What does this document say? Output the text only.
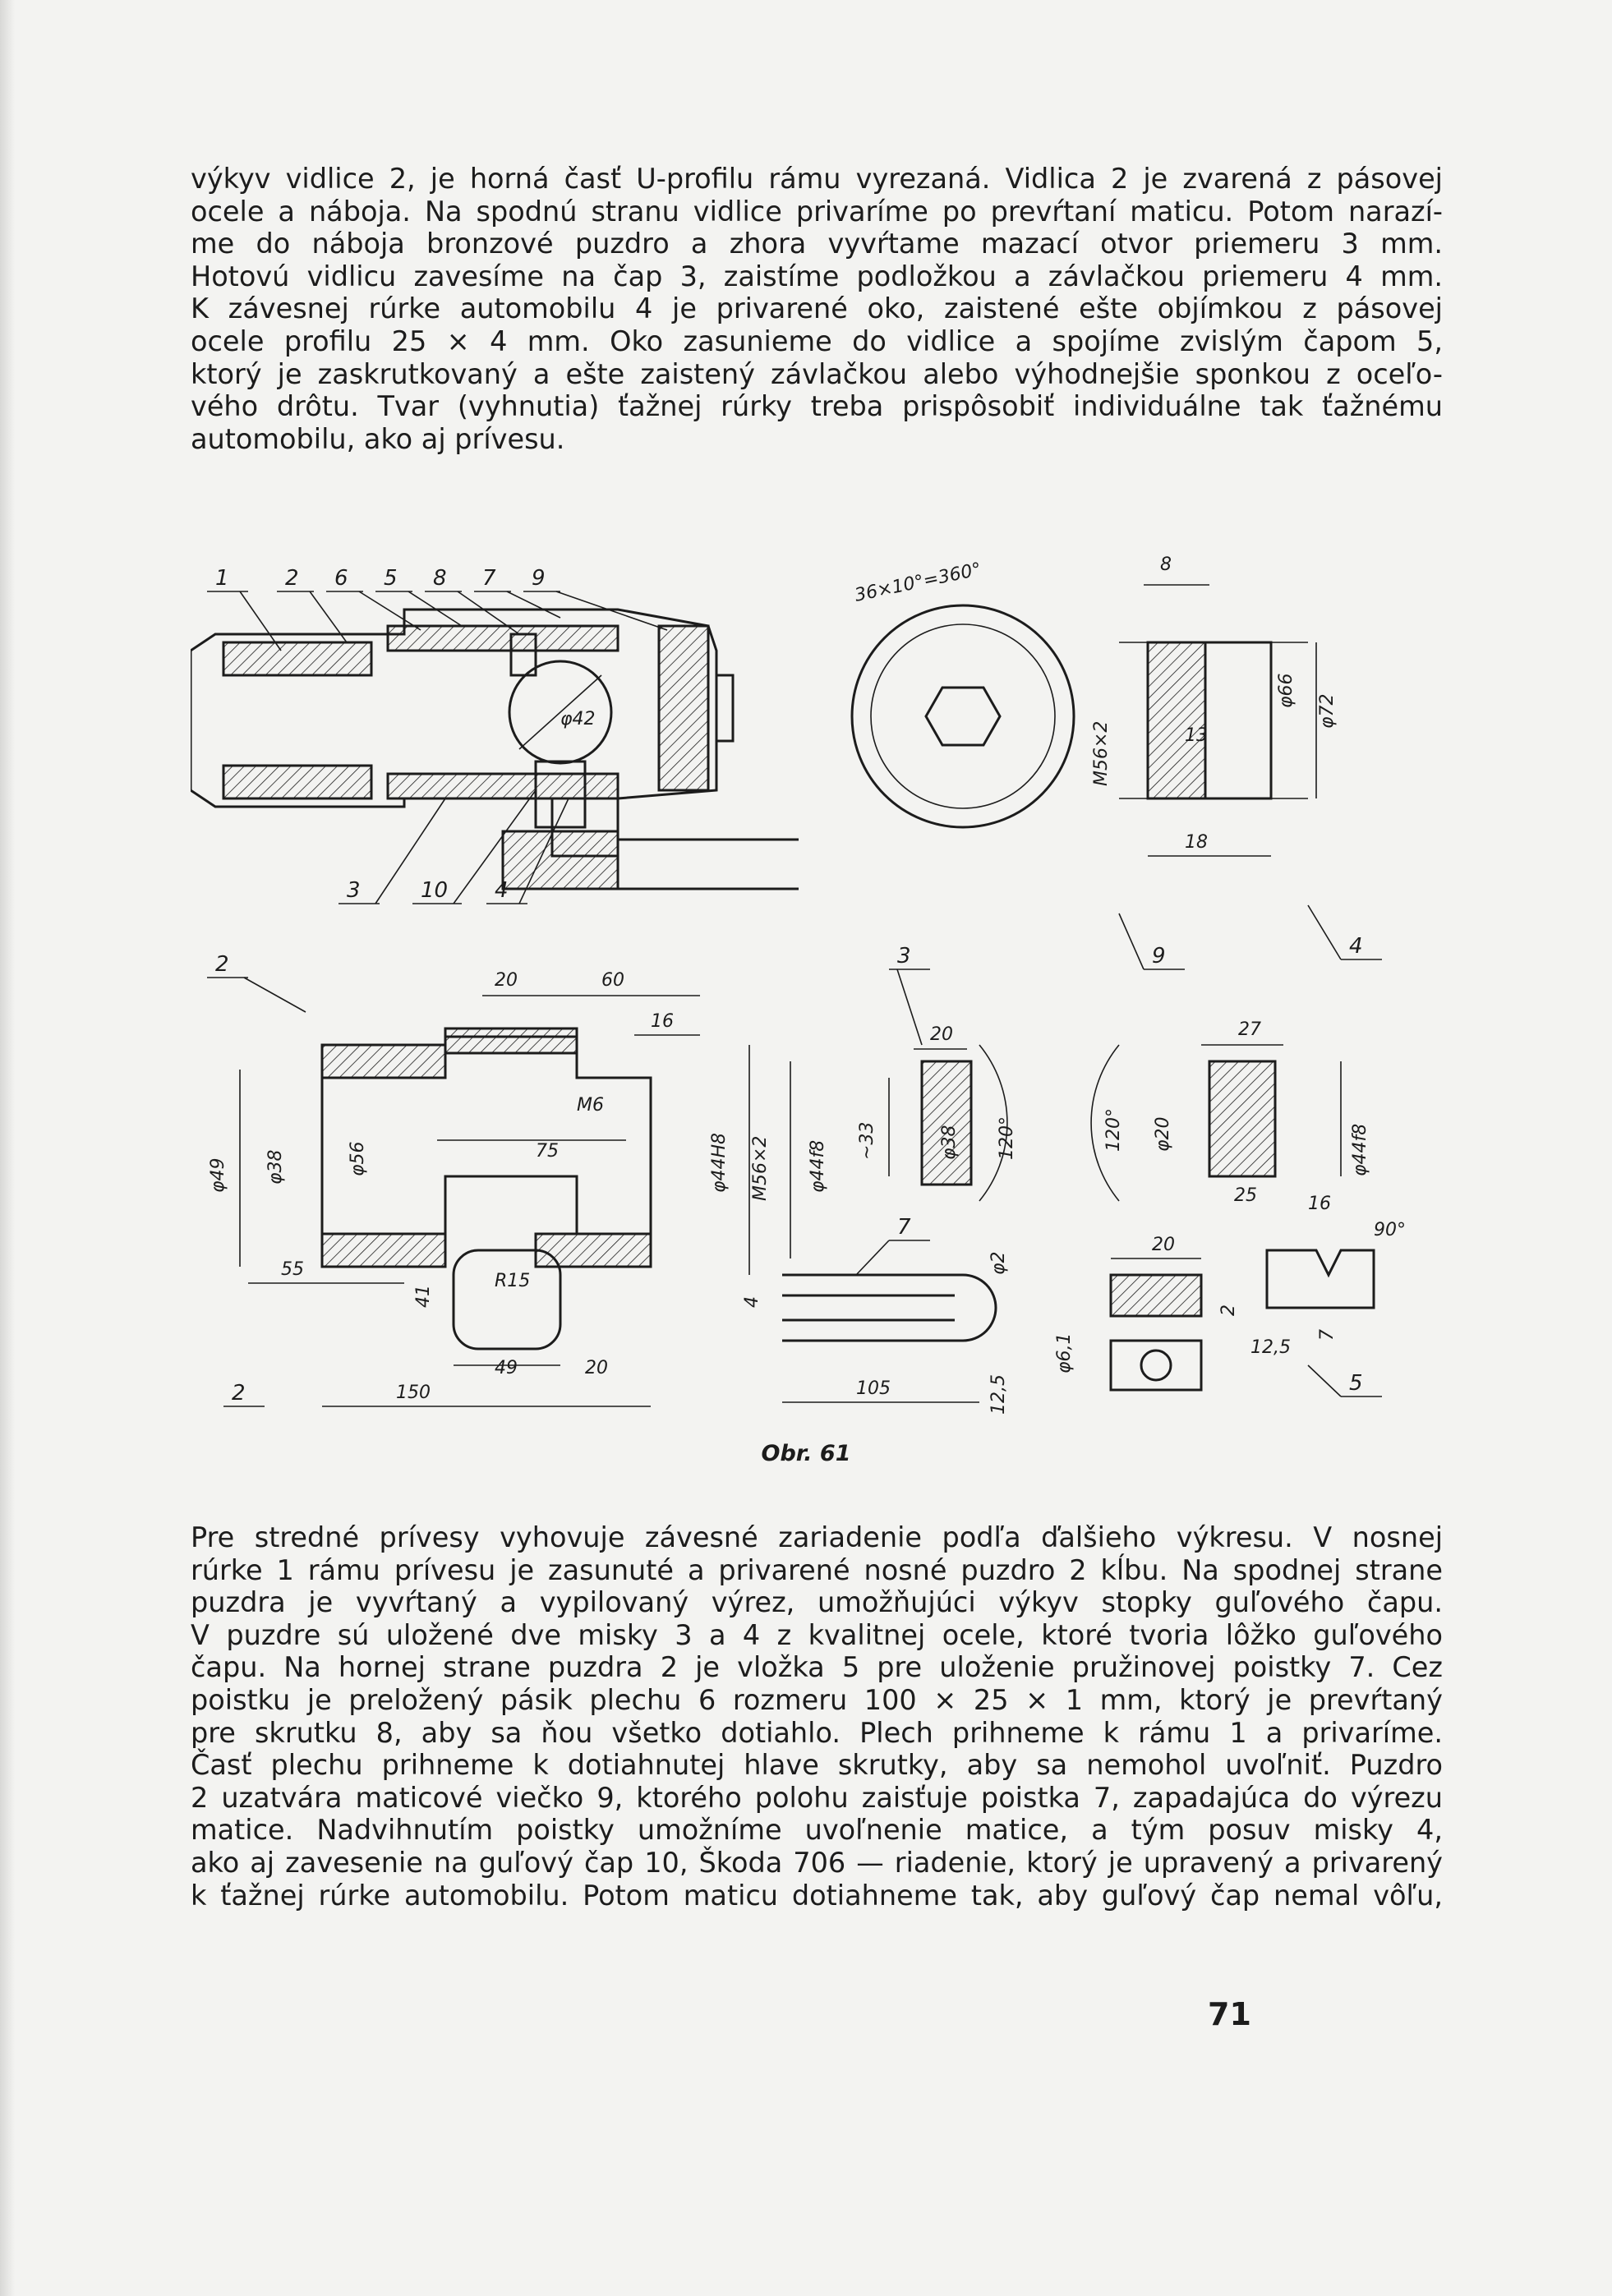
výkyv vidlice 2, je horná časť U-profilu rámu vyrezaná. Vidlica 2 je zvarená z pásovej
ocele a náboja. Na spodnú stranu vidlice privaríme po prevŕtaní maticu. Potom narazí-
me do náboja bronzové puzdro a zhora vyvŕtame mazací otvor priemeru 3 mm.
Hotovú vidlicu zavesíme na čap 3, zaistíme podložkou a závlačkou priemeru 4 mm.
K závesnej rúrke automobilu 4 je privarené oko, zaistené ešte objímkou z pásovej
ocele profilu 25 × 4 mm. Oko zasunieme do vidlice a spojíme zvislým čapom 5,
ktorý je zaskrutkovaný a ešte zaistený závlačkou alebo výhodnejšie sponkou z oceľo-
vého drôtu. Tvar (vyhnutia) ťažnej rúrky treba prispôsobiť individuálne tak ťažnému
automobilu, ako aj prívesu.

φ42
1	2 6 5 8 7 9
3	10 4
36×10°=360°
M56×2
8
13
φ66
φ72
18
2
20	60
16
M6
75
φ49 φ38	φ56	φ44H8 M56×2 φ44f8
55
R15
41
49	20
150
2
3
20
~33	φ38 120°
9	4
120° φ20
27
φ44f8
25	16
90°
7
φ2
4
105	12,5
φ6,1
20
2
7
12,5
5
Obr. 61

Pre stredné prívesy vyhovuje závesné zariadenie podľa ďalšieho výkresu. V nosnej
rúrke 1 rámu prívesu je zasunuté a privarené nosné puzdro 2 kĺbu. Na spodnej strane
puzdra je vyvŕtaný a vypilovaný výrez, umožňujúci výkyv stopky guľového čapu.
V puzdre sú uložené dve misky 3 a 4 z kvalitnej ocele, ktoré tvoria lôžko guľového
čapu. Na hornej strane puzdra 2 je vložka 5 pre uloženie pružinovej poistky 7. Cez
poistku je preložený pásik plechu 6 rozmeru 100 × 25 × 1 mm, ktorý je prevŕtaný
pre skrutku 8, aby sa ňou všetko dotiahlo. Plech prihneme k rámu 1 a privaríme.
Časť plechu prihneme k dotiahnutej hlave skrutky, aby sa nemohol uvoľniť. Puzdro
2 uzatvára maticové viečko 9, ktorého polohu zaisťuje poistka 7, zapadajúca do výrezu
matice. Nadvihnutím poistky umožníme uvoľnenie matice, a tým posuv misky 4,
ako aj zavesenie na guľový čap 10, Škoda 706 — riadenie, ktorý je upravený a privarený
k ťažnej rúrke automobilu. Potom maticu dotiahneme tak, aby guľový čap nemal vôľu,

71
